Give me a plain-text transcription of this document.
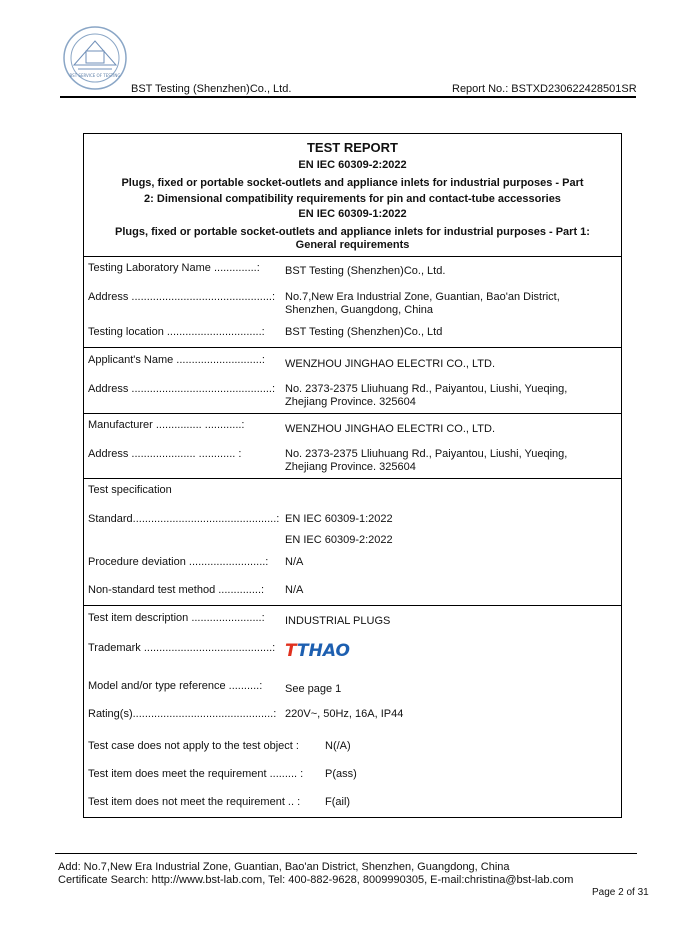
BST SERVICE OF TESTING
BST Testing (Shenzhen)Co., Ltd.	Report No.: BSTXD230622428501SR
TEST REPORT
EN IEC 60309-2:2022
Plugs, fixed or portable socket-outlets and appliance inlets for industrial purposes - Part
2: Dimensional compatibility requirements for pin and contact-tube accessories
EN IEC 60309-1:2022
Plugs, fixed or portable socket-outlets and appliance inlets for industrial purposes - Part 1:
General requirements
Testing Laboratory Name ..............: BST Testing (Shenzhen)Co., Ltd.
Address ..............................................: No.7,New Era Industrial Zone, Guantian, Bao'an District,
Shenzhen, Guangdong, China
Testing location ...............................: BST Testing (Shenzhen)Co., Ltd
Applicant's Name ............................: WENZHOU JINGHAO ELECTRI CO., LTD.
Address ..............................................: No. 2373-2375 Lliuhuang Rd., Paiyantou, Liushi, Yueqing,
Zhejiang Province. 325604
Manufacturer ............... ............:	WENZHOU JINGHAO ELECTRI CO., LTD.
Address ..................... ............ :	No. 2373-2375 Lliuhuang Rd., Paiyantou, Liushi, Yueqing,
Zhejiang Province. 325604
Test specification
Standard...............................................: EN IEC 60309-1:2022
EN IEC 60309-2:2022
Procedure deviation .........................: N/A
Non-standard test method ..............: N/A
Test item description .......................: INDUSTRIAL PLUGS
Trademark ..........................................: TTHAO
Model and/or type reference ..........: See page 1
Rating(s)..............................................: 220V~, 50Hz, 16A, IP44
Test case does not apply to the test object : N(/A)
Test item does meet the requirement ......... : P(ass)
Test item does not meet the requirement .. : F(ail)
Add: No.7,New Era Industrial Zone, Guantian, Bao'an District, Shenzhen, Guangdong, China
Certificate Search: http://www.bst-lab.com, Tel: 400-882-9628, 8009990305, E-mail:christina@bst-lab.com
Page 2 of 31
